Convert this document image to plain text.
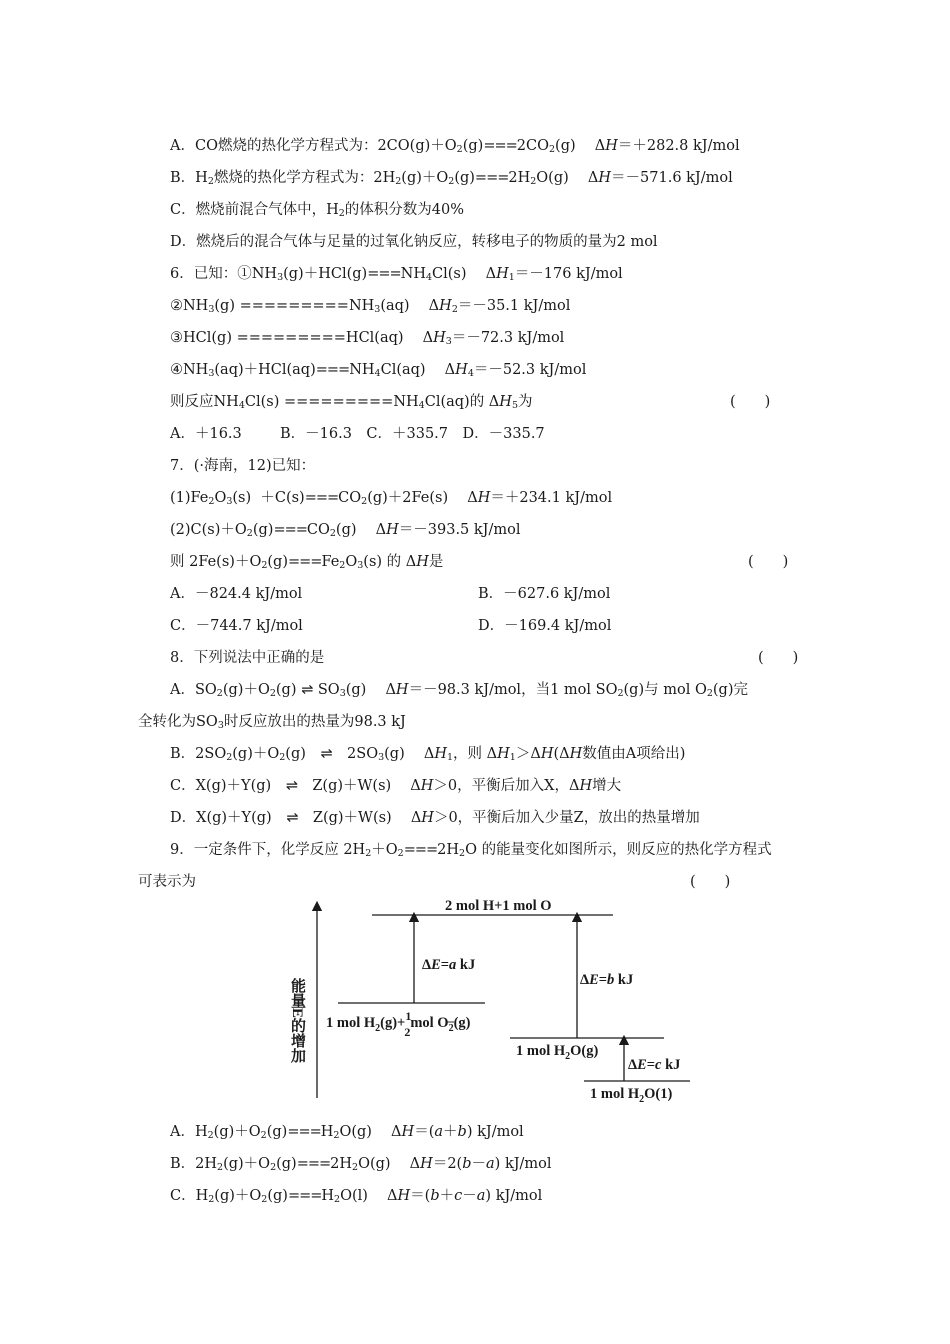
A．CO燃烧的热化学方程式为：$2CO(g)+O_2(g)===2CO_2(g)$　 ΔH＝＋282.8 kJ/mol
B．$H_2$燃烧的热化学方程式为：$2H_2(g)+O_2(g)===2H_2O(g)$　 ΔH＝－571.6 kJ/mol
C．燃烧前混合气体中，$H_2$的体积分数为40%
D．燃烧后的混合气体与足量的过氧化钠反应，转移电子的物质的量为2 mol
6．已知：$①NH_3(g)+HCl(g)===NH_4Cl(s)$　 $\Delta H_1=-176$ kJ/mol
$②NH_3(g) =========NH_3(aq)$　 $\Delta H_2=-35.1$ kJ/mol
③HCl(g) =========HCl(aq)　 $\Delta H_3=-72.3$ kJ/mol
$④NH_3(aq)+HCl(aq)===NH_4Cl(aq)$　 $\Delta H_4=-52.3$ kJ/mol
则反应$NH_4Cl(s) =========NH_4Cl(aq)$的 $\Delta H_5$为	(　　)
A．＋16.3　　  B．－16.3　C．＋335.7　D．－335.7
7．(·海南，12)已知：
$(1)Fe_2O_3(s) +C(s)===CO_2(g)+2Fe(s)$　 ΔH＝＋234.1 kJ/mol
$(2)C(s)+O_2(g)===CO_2(g)$　 ΔH＝－393.5 kJ/mol
则 $2Fe(s)+O_2(g)===Fe_2O_3(s)$ 的 ΔH是	(　　)
A．－824.4 kJ/mol	B．－627.6 kJ/mol
C．－744.7 kJ/mol	D．－169.4 kJ/mol
8．下列说法中正确的是	(　　)
A．$SO_2(g)+O_2(g)$ ⇌ $SO_3(g)$　 ΔH＝－98.3 kJ/mol，当1 mol $SO_2(g)$与 mol $O_2(g)$完
全转化为$SO_3$时反应放出的热量为98.3 kJ
B．$2SO_2(g)+O_2(g)$　⇌　$2SO_3(g)$　 $\Delta H_1$，则 $\Delta H_1>\Delta H(\Delta H$数值由A项给出)
C．X(g)＋Y(g)　⇌　Z(g)＋W(s)　 ΔH＞0，平衡后加入X，ΔH增大
D．X(g)＋Y(g)　⇌　Z(g)＋W(s)　 ΔH＞0，平衡后加入少量Z，放出的热量增加
9．一定条件下，化学反应 $2H_2+O_2===2H_2O$ 的能量变化如图所示，则反应的热化学方程式
可表示为	(　　)
能量E的增加
2 mol H+1 mol O
1 mol $H_2(g)+^1$ 2mol $O_2(g)$
ΔE=a kJ
1 mol $H_2O(g)$
ΔE=b kJ
1 mol $H_2O(1)$
ΔE=c kJ
A．$H_2(g)+O_2(g)===H_2O(g)$　 ΔH＝(a＋b) kJ/mol
B．$2H_2(g)+O_2(g)===2H_2O(g)$　 ΔH＝2(b－a) kJ/mol
C．$H_2(g)+O_2(g)===H_2O(l)$　 ΔH＝(b＋c－a) kJ/mol
